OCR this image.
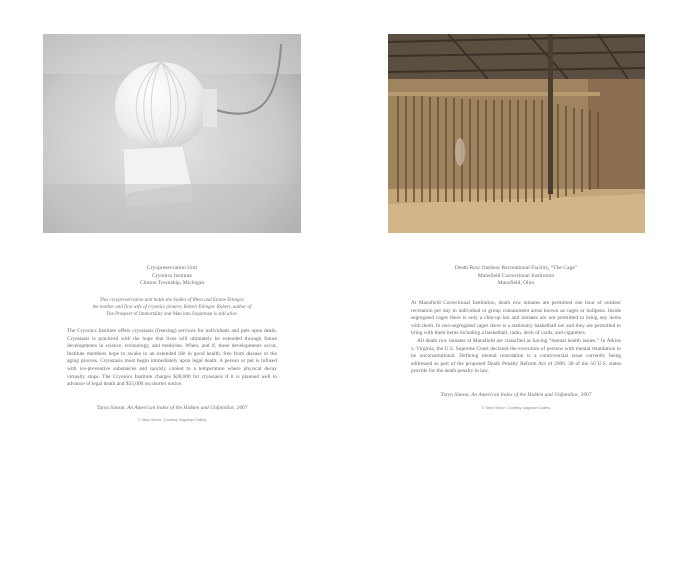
Cryopreservation Unit
Cryonics Institute
Clinton Township, Michigan
This cryopreservation unit holds the bodies of Rhea and Elaine Ettinger,
the mother and first wife of cryonics pioneer, Robert Ettinger. Robert, author of
The Prospect of Immortality and Man into Superman is still alive.

The Cryonics Institute offers cryostasis (freezing) services for individuals and pets upon death. Cryostasis is practiced with the hope that lives will ultimately be extended through future developments in science, technology, and medicine. When, and if, these developments occur, Institute members hope to awake to an extended life in good health, free from disease or the aging process. Cryostasis must begin immediately upon legal death. A person or pet is infused with ice-preventive substances and quickly cooled to a temperature where physical decay virtually stops. The Cryonics Institute charges $28,000 for cryostasis if it is planned well in advance of legal death and $35,000 on shorter notice.

Taryn Simon, An American Index of the Hidden and Unfamiliar, 2007
© Taryn Simon. Courtesy Gagosian Gallery
Death Row Outdoor Recreational Facility, “The Cage”
Mansfield Correctional Institution
Mansfield, Ohio

At Mansfield Correctional Institution, death row inmates are permitted one hour of outdoor recreation per day in individual or group containment areas known as cages or bullpens. Inside segregated cages there is only a chin-up bar and inmates are not permitted to bring any items with them. In non-segregated cages there is a stationary basketball net and they are permitted to bring with them items including a basketball, radio, deck of cards, and cigarettes.

All death row inmates at Mansfield are classified as having “mental health issues.” In Atkins v. Virginia, the U.S. Supreme Court declared the execution of persons with mental retardation to be unconstitutional. Defining mental retardation is a controversial issue currently being addressed as part of the proposed Death Penalty Reform Act of 2006. 38 of the 50 U.S. states provide for the death penalty in law.

Taryn Simon, An American Index of the Hidden and Unfamiliar, 2007
© Taryn Simon. Courtesy Gagosian Gallery
